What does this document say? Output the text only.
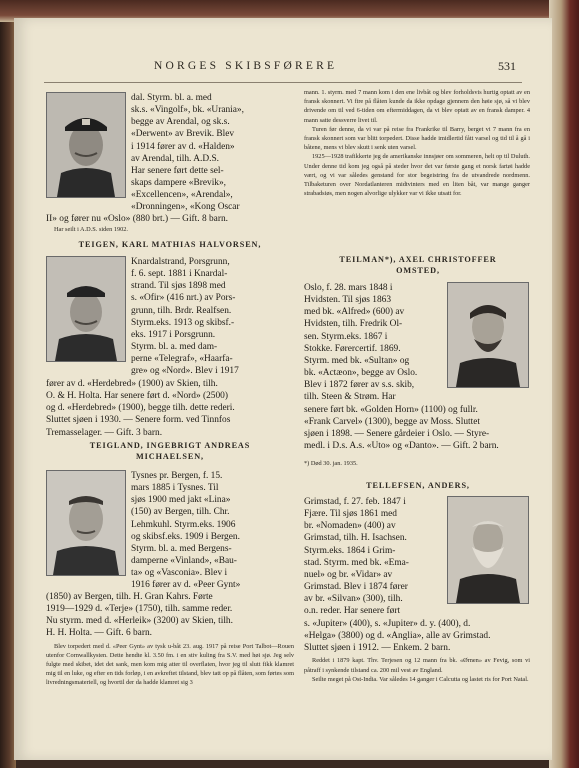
NORGES SKIBSFØRERE	531
dal. Styrm. bl. a. med
sk.s. «Vingolf», bk. «Urania»,
begge av Arendal, og sk.s.
«Derwent» av Brevik. Blev
i 1914 fører av d. «Halden»
av Arendal, tilh. A.D.S.
Har senere ført dette sel-
skaps dampere «Brevik»,
«Excellencen», «Arendal»,
«Dronningen», «Kong Oscar
II» og fører nu «Oslo» (880 brt.) — Gift. 8 barn.
Har seilt i A.D.S. siden 1902.
TEIGEN, KARL MATHIAS HALVORSEN,
Knardalstrand, Porsgrunn,
f. 6. sept. 1881 i Knardal-
strand. Til sjøs 1898 med
s. «Ofir» (416 nrt.) av Pors-
grunn, tilh. Brdr. Realfsen.
Styrm.eks. 1913 og skibsf.-
eks. 1917 i Porsgrunn.
Styrm. bl. a. med dam-
perne «Telegraf», «Haarfa-
gre» og «Nord». Blev i 1917
fører av d. «Herdebred» (1900) av Skien, tilh.
O. & H. Holta. Har senere ført d. «Nord» (2500)
og d. «Herdebred» (1900), begge tilh. dette rederi.
Sluttet sjøen i 1930. — Senere form. ved Tinnfos
Tremasselager. — Gift. 3 barn.
TEIGLAND, INGEBRIGT ANDREAS MICHAELSEN,
Tysnes pr. Bergen, f. 15.
mars 1885 i Tysnes. Til
sjøs 1900 med jakt «Lina»
(150) av Bergen, tilh. Chr.
Lehmkuhl. Styrm.eks. 1906
og skibsf.eks. 1909 i Bergen.
Styrm. bl. a. med Bergens-
damperne «Vinland», «Bau-
ta» og «Vasconia». Blev i
1916 fører av d. «Peer Gynt»
(1850) av Bergen, tilh. H. Gran Kahrs. Førte
1919—1929 d. «Terje» (1750), tilh. samme reder.
Nu styrm. med d. «Herleik» (3200) av Skien, tilh.
H. H. Holta. — Gift. 6 barn.
Blev torpedert med d. «Peer Gynt» av tysk u-båt 23. aug. 1917 på reise Port Talbot—Rouen utenfor Cornwallkysten. Dette hendte kl. 3.50 fm. i en stiv kuling fra S.V. med høi sjø. Jeg selv fulgte med skibet, idet det sank, men kom mig atter til overflaten, hvor jeg til slutt fikk klamret mig til en luke, og efter en tids forløp, i en avkreftet tilstand, blev tatt op på flåten, som førtes som livredningsmateriell, og hvortil der da hadde klamret sig 3

mann. 1. styrm. med 7 mann kom i den ene livbåt og blev forholdsvis hurtig optatt av en fransk skonnert. Vi fire på flåten kunde da ikke opdage gjennem den høie sjø, så vi blev drivende om til ved 6-tiden om eftermiddagen, da vi blev optatt av en fransk damper. 4 mann satte dessverre livet til.

Turen før denne, da vi var på reise fra Frankrike til Barry, berget vi 7 mann fra en fransk skonnert som var blitt torpedert. Disse hadde imidlertid fått varsel og tid til å gå i båtene, mens vi blev skutt i senk uten varsel.

1925—1928 trafikkerte jeg de amerikanske innsjøer om sommeren, helt op til Duluth. Under denne tid kom jeg også på steder hvor det var første gang et norsk fartøi hadde vært, og vi var således genstand for stor begeistring fra de utvandrede nordmenn. Tilbaketuren over Nordatlanteren midtvinters med en liten båt, var mange ganger strabadsiøs, men nogen alvorlige ulykker var vi ikke utsatt for.

TEILMAN*), AXEL CHRISTOFFER OMSTED,
Oslo, f. 28. mars 1848 i
Hvidsten. Til sjøs 1863
med bk. «Alfred» (600) av
Hvidsten, tilh. Fredrik Ol-
sen. Styrm.eks. 1867 i
Stokke. Førercertif. 1869.
Styrm. med bk. «Sultan» og
bk. «Actæon», begge av Oslo.
Blev i 1872 fører av s.s. skib,
tilh. Steen & Strøm. Har
senere ført bk. «Golden Horn» (1100) og fullr.
«Frank Carvel» (1300), begge av Moss. Sluttet
sjøen i 1898. — Senere gårdeier i Oslo. — Styre-
medl. i D.s. A.s. «Uto» og «Danto». — Gift. 2 barn.
*) Død 30. jan. 1935.
TELLEFSEN, ANDERS,
Grimstad, f. 27. feb. 1847 i
Fjære. Til sjøs 1861 med
br. «Nomaden» (400) av
Grimstad, tilh. H. Isachsen.
Styrm.eks. 1864 i Grim-
stad. Styrm. med bk. «Ema-
nuel» og br. «Vidar» av
Grimstad. Blev i 1874 fører
av br. «Silvan» (300), tilh.
o.n. reder. Har senere ført
s. «Jupiter» (400), s. «Jupiter» d. y. (400), d.
«Helga» (3800) og d. «Anglia», alle av Grimstad.
Sluttet sjøen i 1912. — Enkem. 2 barn.
Reddet i 1879 kapt. Thv. Terjesen og 12 mann fra bk. «Ørnen» av Fevig, som vi påtraff i synkende tilstand ca. 200 mil vest av England.
Seilte meget på Ost-India. Var således 14 ganger i Calcutta og lastet ris for Port Natal.
